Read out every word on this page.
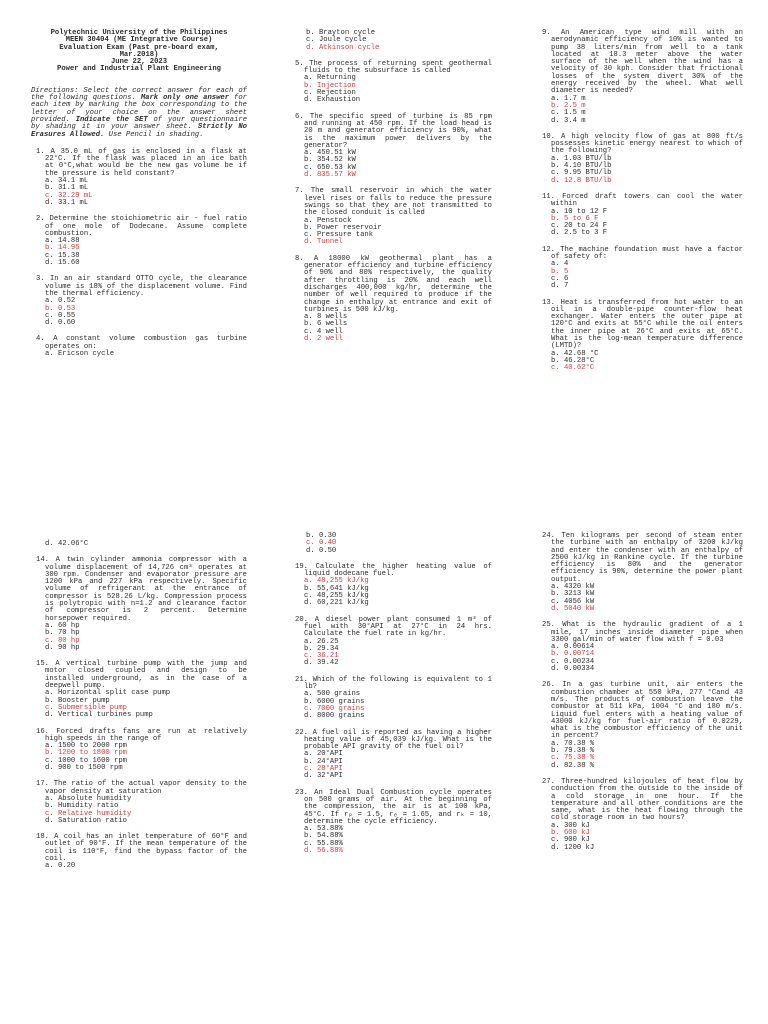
Polytechnic University of the Philippines
MEEN 30404 (ME Integrative Course)
Evaluation Exam (Past pre-board exam,
Mar.2018)
June 22, 2023
Power and Industrial Plant Engineering
Directions: Select the correct answer for each of the following questions. Mark only one answer for each item by marking the box corresponding to the letter of your choice on the answer sheet provided. Indicate the SET of your questionnaire by shading it in your answer sheet. Strictly No Erasures Allowed. Use Pencil in shading.
1. A 35.0 mL of gas is enclosed in a flask at 22°C. If the flask was placed in an ice bath at 0°C,what would be the new gas volume be if the pressure is held constant?
a. 34.1 mL
b. 31.1 mL
c. 32.29 mL
d. 33.1 mL
2. Determine the stoichiometric air - fuel ratio of one mole of Dodecane. Assume complete combustion.
a. 14.88
b. 14.95
c. 15.38
d. 15.60
3. In an air standard OTTO cycle, the clearance volume is 18% of the displacement volume. Find the thermal efficiency.
a. 0.52
b. 0.53
c. 0.55
d. 0.60
4. A constant volume combustion gas turbine operates on:
a. Ericson cycle
b. Brayton cycle
c. Joule cycle
d. Atkinson cycle
5. The process of returning spent geothermal fluids to the subsurface is called
a. Returning
b. Injection
c. Rejection
d. Exhaustion
6. The specific speed of turbine is 85 rpm and running at 450 rpm. If the load head is 20 m and generator efficiency is 90%, what is the maximum power delivers by the generator?
a. 450.51 kW
b. 354.52 kW
c. 650.53 kW
d. 835.57 kW
7. The small reservoir in which the water level rises or falls to reduce the pressure swings so that they are not transmitted to the closed conduit is called
a. Penstock
b. Power reservoir
c. Pressure tank
d. Tunnel
8. A 18000 kW geothermal plant has a generator efficiency and turbine efficiency of 90% and 80% respectively, the quality after throttling is 20% and each well discharges 400,000 kg/hr, determine the number of well required to produce if the change in enthalpy at entrance and exit of turbines is 500 kJ/kg.
a. 8 wells
b. 6 wells
c. 4 well
d. 2 well
9. An American type wind mill with an aerodynamic efficiency of 10% is wanted to pump 38 liters/min from well to a tank located at 18.3 meter above the water surface of the well when the wind has a velocity of 30 kph. Consider that frictional losses of the system divert 30% of the energy received by the wheel. What well diameter is needed?
a. 1.7 m
b. 2.5 m
c. 1.5 m
d. 3.4 m
10. A high velocity flow of gas at 800 ft/s possesses kinetic energy nearest to which of the following?
a. 1.03 BTU/lb
b. 4.10 BTU/lb
c. 9.95 BTU/lb
d. 12.8 BTU/lb
11. Forced draft towers can cool the water within
a. 10 to 12 F
b. 5 to 6 F
c. 20 to 24 F
d. 2.5 to 3 F
12. The machine foundation must have a factor of safety of:
a. 4
b. 5
c. 6
d. 7
13. Heat is transferred from hot water to an oil in a double-pipe counter-flow heat exchanger. Water enters the outer pipe at 120°C and exits at 55°C while the oil enters the inner pipe at 26°C and exits at 65°C. What is the log-mean temperature difference (LMTD)?
a. 42.68 °C
b. 46.28°C
c. 40.62°C
d. 42.06°C
14. A twin cylinder ammonia compressor with a volume displacement of 14,726 cm³ operates at 300 rpm. Condenser and evaporator pressure are 1200 kPa and 227 kPa respectively. Specific volume of refrigerant at the entrance of compressor is 528.26 L/kg. Compression process is polytropic with n=1.2 and clearance factor of compressor is 2 percent. Determine horsepower required.
a. 60 hp
b. 70 hp
c. 80 hp
d. 90 hp
15. A vertical turbine pump with the jump and motor closed coupled and design to be installed underground, as in the case of a deepwell pump.
a. Horizontal split case pump
b. Booster pump
c. Submersible pump
d. Vertical turbines pump
16. Forced drafts fans are run at relatively high speeds in the range of
a. 1500 to 2000 rpm
b. 1200 to 1800 rpm
c. 1000 to 1600 rpm
d. 900 to 1500 rpm
17. The ratio of the actual vapor density to the vapor density at saturation
a. Absolute humidity
b. Humidity ratio
c. Relative humidity
d. Saturation ratio
18. A coil has an inlet temperature of 60°F and outlet of 90°F. If the mean temperature of the coil is 110°F, find the bypass factor of the coil.
a. 0.20
b. 0.30
c. 0.40
d. 0.50
19. Calculate the higher heating value of liquid dodecane fuel.
a. 48,255 kJ/kg
b. 55,641 kJ/kg
c. 48,255 kJ/kg
d. 60,221 kJ/kg
20. A diesel power plant consumed 1 m³ of fuel with 30°API at 27°C in 24 hrs. Calculate the fuel rate in kg/hr.
a. 26.25
b. 29.34
c. 36.21
d. 39.42
21. Which of the following is equivalent to 1 lb?
a. 500 grains
b. 6000 grains
c. 7000 grains
d. 8000 grains
22. A fuel oil is reported as having a higher heating value of 45,039 kJ/kg. What is the probable API gravity of the fuel oil?
a. 20°API
b. 24°API
c. 28°API
d. 32°API
23. An Ideal Dual Combustion cycle operates on 500 grams of air. At the beginning of the compression, the air is at 100 kPa, 45°C. If rₚ = 1.5, rₑ = 1.65, and rₖ = 10, determine the cycle efficiency.
a. 53.88%
b. 54.88%
c. 55.88%
d. 56.88%
24. Ten kilograms per second of steam enter the turbine with an enthalpy of 3200 kJ/kg and enter the condenser with an enthalpy of 2500 kJ/kg in Rankine cycle. If the turbine efficiency is 80% and the generator efficiency is 90%, determine the power plant output.
a. 4320 kW
b. 3213 kW
c. 4056 kW
d. 5040 kW
25. What is the hydraulic gradient of a 1 mile, 17 inches inside diameter pipe when 3300 gal/min of water flow with f = 0.03
a. 0.00614
b. 0.00714
c. 0.00234
d. 0.00334
26. In a gas turbine unit, air enters the combustion chamber at 550 kPa, 277 °Cand 43 m/s. The products of combustion leave the combustor at 511 kPa, 1004 °C and 180 m/s. Liquid fuel enters with a heating value of 43000 kJ/kg for fuel-air ratio of 0.0229, what is the combustor efficiency of the unit in percent?
a. 70.38 %
b. 79.38 %
c. 75.38 %
d. 82.38 %
27. Three-hundred kilojoules of heat flow by conduction from the outside to the inside of a cold storage in one hour. If the temperature and all other conditions are the same, what is the heat flowing through the cold storage room in two hours?
a. 300 kJ
b. 600 kJ
c. 900 kJ
d. 1200 kJ
